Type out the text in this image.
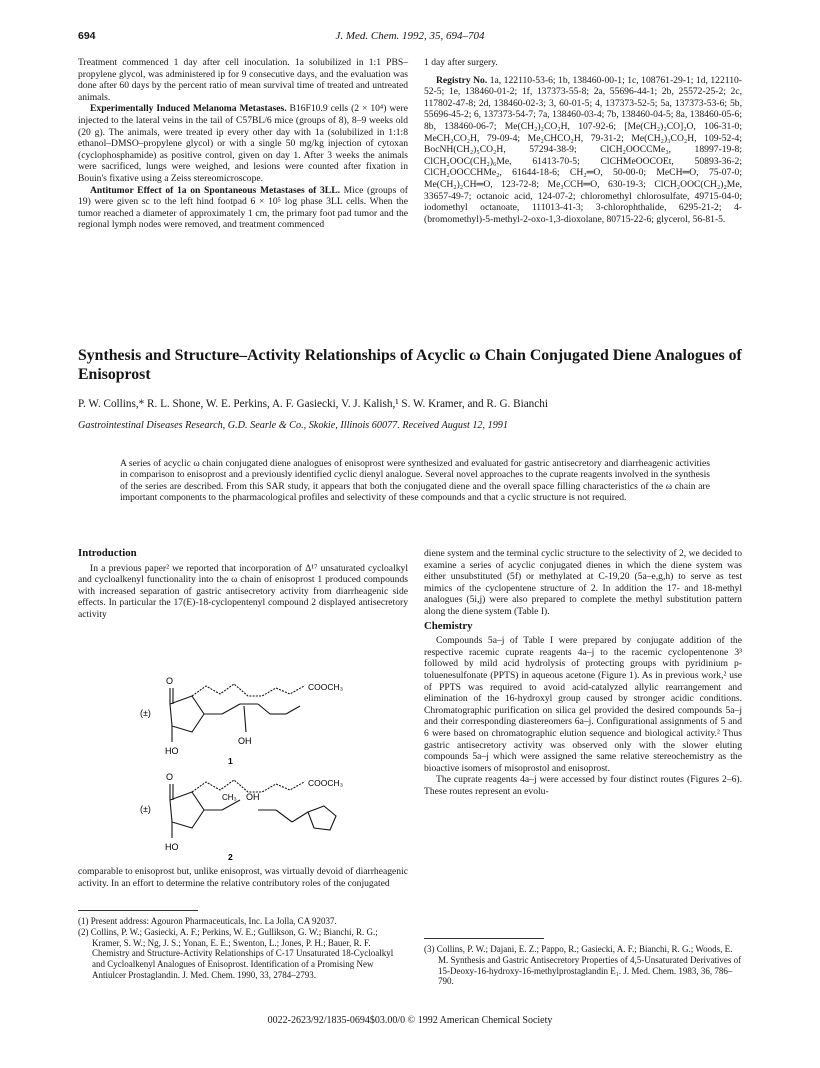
694	J. Med. Chem. 1992, 35, 694–704

Treatment commenced 1 day after cell inoculation. 1a solubilized in 1:1 PBS–propylene glycol, was administered ip for 9 consecutive days, and the evaluation was done after 60 days by the percent ratio of mean survival time of treated and untreated animals.

Experimentally Induced Melanoma Metastases. B16F10.9 cells (2 × 10⁴) were injected to the lateral veins in the tail of C57BL/6 mice (groups of 8), 8–9 weeks old (20 g). The animals, were treated ip every other day with 1a (solubilized in 1:1:8 ethanol–DMSO–propylene glycol) or with a single 50 mg/kg injection of cytoxan (cyclophosphamide) as positive control, given on day 1. After 3 weeks the animals were sacrificed, lungs were weighed, and lesions were counted after fixation in Bouin's fixative using a Zeiss stereomicroscope.

Antitumor Effect of 1a on Spontaneous Metastases of 3LL. Mice (groups of 19) were given sc to the left hind footpad 6 × 10⁵ log phase 3LL cells. When the tumor reached a diameter of approximately 1 cm, the primary foot pad tumor and the regional lymph nodes were removed, and treatment commenced

1 day after surgery.

Registry No. 1a, 122110-53-6; 1b, 138460-00-1; 1c, 108761-29-1; 1d, 122110-52-5; 1e, 138460-01-2; 1f, 137373-55-8; 2a, 55696-44-1; 2b, 25572-25-2; 2c, 117802-47-8; 2d, 138460-02-3; 3, 60-01-5; 4, 137373-52-5; 5a, 137373-53-6; 5b, 55696-45-2; 6, 137373-54-7; 7a, 138460-03-4; 7b, 138460-04-5; 8a, 138460-05-6; 8b, 138460-06-7; Me(CH₂)₂CO₂H, 107-92-6; [Me(CH₂)₂CO]₂O, 106-31-0; MeCH₂CO₂H, 79-09-4; Me₂CHCO₂H, 79-31-2; Me(CH₂)₃CO₂H, 109-52-4; BocNH(CH₂)₅CO₂H, 57294-38-9; ClCH₂OOCCMe₃, 18997-19-8; ClCH₂OOC(CH₂)₆Me, 61413-70-5; ClCHMeOOCOEt, 50893-36-2; ClCH₂OOCCHMe₂, 61644-18-6; CH₂═O, 50-00-0; MeCH═O, 75-07-0; Me(CH₂)₂CH═O, 123-72-8; Me₃CCH═O, 630-19-3; ClCH₂OOC(CH₂)₂Me, 33657-49-7; octanoic acid, 124-07-2; chloromethyl chlorosulfate, 49715-04-0; iodomethyl octanoate, 111013-41-3; 3-chlorophthalide, 6295-21-2; 4-(bromomethyl)-5-methyl-2-oxo-1,3-dioxolane, 80715-22-6; glycerol, 56-81-5.

Synthesis and Structure–Activity Relationships of Acyclic ω Chain Conjugated Diene Analogues of Enisoprost
P. W. Collins,* R. L. Shone, W. E. Perkins, A. F. Gasiecki, V. J. Kalish,¹ S. W. Kramer, and R. G. Bianchi
Gastrointestinal Diseases Research, G.D. Searle & Co., Skokie, Illinois 60077. Received August 12, 1991
A series of acyclic ω chain conjugated diene analogues of enisoprost were synthesized and evaluated for gastric antisecretory and diarrheagenic activities in comparison to enisoprost and a previously identified cyclic dienyl analogue. Several novel approaches to the cuprate reagents involved in the synthesis of the series are described. From this SAR study, it appears that both the conjugated diene and the overall space filling characteristics of the ω chain are important components to the pharmacological profiles and selectivity of these compounds and that a cyclic structure is not required.
Introduction

In a previous paper² we reported that incorporation of Δ¹⁷ unsaturated cycloalkyl and cycloalkenyl functionality into the ω chain of enisoprost 1 produced compounds with increased separation of gastric antisecretory activity from diarrheagenic side effects. In particular the 17(E)-18-cyclopentenyl compound 2 displayed antisecretory activity

(±)
O
COOCH₃
HO
OH
1
(±)
O
COOCH₃
CH₃ OH
HO
2

comparable to enisoprost but, unlike enisoprost, was virtually devoid of diarrheagenic activity. In an effort to determine the relative contributory roles of the conjugated

(1) Present address: Agouron Pharmaceuticals, Inc. La Jolla, CA 92037.

(2) Collins, P. W.; Gasiecki, A. F.; Perkins, W. E.; Gullikson, G. W.; Bianchi, R. G.; Kramer, S. W.; Ng, J. S.; Yonan, E. E.; Swenton, L.; Jones, P. H.; Bauer, R. F. Chemistry and Structure-Activity Relationships of C-17 Unsaturated 18-Cycloalkyl and Cycloalkenyl Analogues of Enisoprost. Identification of a Promising New Antiulcer Prostaglandin. J. Med. Chem. 1990, 33, 2784–2793.

diene system and the terminal cyclic structure to the selectivity of 2, we decided to examine a series of acyclic conjugated dienes in which the diene system was either unsubstituted (5f) or methylated at C-19,20 (5a–e,g,h) to serve as test mimics of the cyclopentene structure of 2. In addition the 17- and 18-methyl analogues (5i,j) were also prepared to complete the methyl substitution pattern along the diene system (Table I).

Chemistry

Compounds 5a–j of Table I were prepared by conjugate addition of the respective racemic cuprate reagents 4a–j to the racemic cyclopentenone 3³ followed by mild acid hydrolysis of protecting groups with pyridinium p-toluenesulfonate (PPTS) in aqueous acetone (Figure 1). As in previous work,² use of PPTS was required to avoid acid-catalyzed allylic rearrangement and elimination of the 16-hydroxyl group caused by stronger acidic conditions. Chromatographic purification on silica gel provided the desired compounds 5a–j and their corresponding diastereomers 6a–j. Configurational assignments of 5 and 6 were based on chromatographic elution sequence and biological activity.² Thus gastric antisecretory activity was observed only with the slower eluting compounds 5a–j which were assigned the same relative stereochemistry as the bioactive isomers of misoprostol and enisoprost.

The cuprate reagents 4a–j were accessed by four distinct routes (Figures 2–6). These routes represent an evolu-

(3) Collins, P. W.; Dajani, E. Z.; Pappo, R.; Gasiecki, A. F.; Bianchi, R. G.; Woods, E. M. Synthesis and Gastric Antisecretory Properties of 4,5-Unsaturated Derivatives of 15-Deoxy-16-hydroxy-16-methylprostaglandin E₁. J. Med. Chem. 1983, 36, 786–790.

0022-2623/92/1835-0694$03.00/0 © 1992 American Chemical Society
